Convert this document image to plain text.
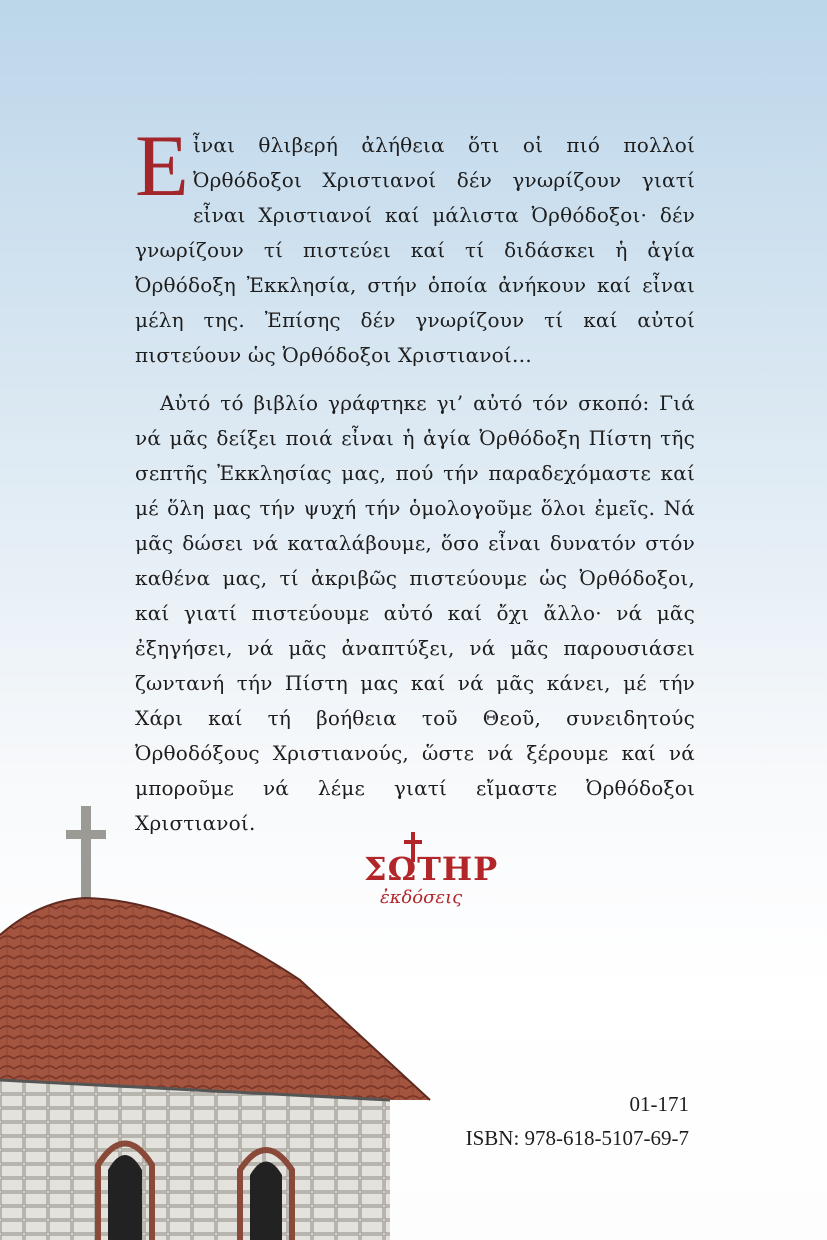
Εἶναι θλιβερή ἀλήθεια ὅτι οἱ πιό πολλοί Ὀρθόδοξοι Χριστιανοί δέν γνωρίζουν γιατί εἶναι Χριστιανοί καί μάλιστα Ὀρθόδοξοι· δέν γνωρίζουν τί πιστεύει καί τί διδάσκει ἡ ἁγία Ὀρθόδοξη Ἐκκλησία, στήν ὁποία ἀνήκουν καί εἶναι μέλη της. Ἐπίσης δέν γνωρίζουν τί καί αὐτοί πιστεύουν ὡς Ὀρθόδοξοι Χριστιανοί…

Αὐτό τό βιβλίο γράφτηκε γι’ αὐτό τόν σκοπό: Γιά νά μᾶς δείξει ποιά εἶναι ἡ ἁγία Ὀρθόδοξη Πίστη τῆς σεπτῆς Ἐκκλησίας μας, πού τήν παραδεχόμαστε καί μέ ὅλη μας τήν ψυχή τήν ὁμολογοῦμε ὅλοι ἐμεῖς. Νά μᾶς δώσει νά καταλάβουμε, ὅσο εἶναι δυνατόν στόν καθένα μας, τί ἀκριβῶς πιστεύουμε ὡς Ὀρθόδοξοι, καί γιατί πιστεύουμε αὐτό καί ὄχι ἄλλο· νά μᾶς ἐξηγήσει, νά μᾶς ἀναπτύξει, νά μᾶς παρουσιάσει ζωντανή τήν Πίστη μας καί νά μᾶς κάνει, μέ τήν Χάρι καί τή βοήθεια τοῦ Θεοῦ, συνειδητούς Ὀρθοδόξους Χριστιανούς, ὥστε νά ξέρουμε καί νά μποροῦμε νά λέμε γιατί εἴμαστε Ὀρθόδοξοι Χριστιανοί.

ΣΩΤΗΡ
ἐκδόσεις
01-171
ISBN: 978-618-5107-69-7
